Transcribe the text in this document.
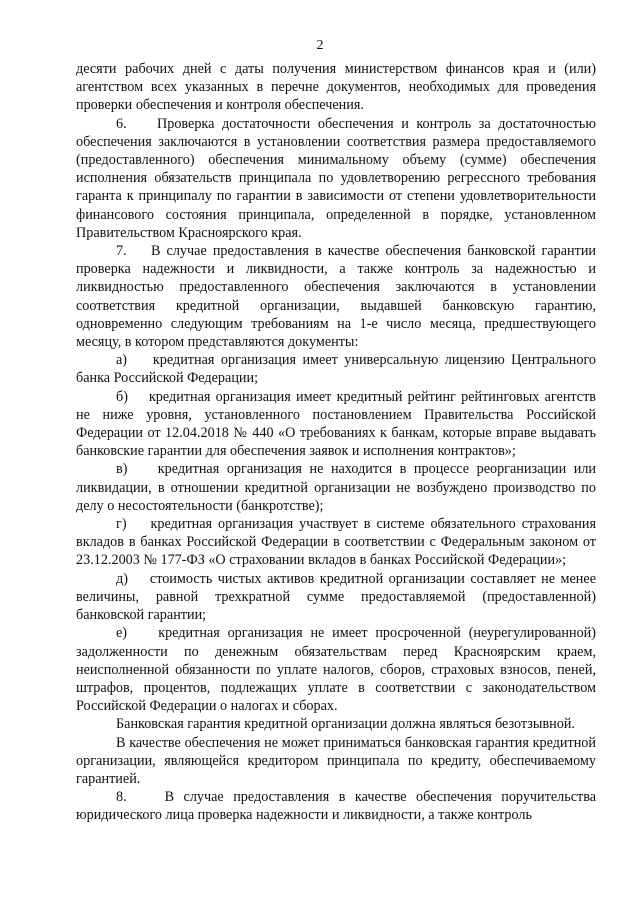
2

десяти рабочих дней с даты получения министерством финансов края и (или) агентством всех указанных в перечне документов, необходимых для проведения проверки обеспечения и контроля обеспечения.

6.    Проверка достаточности обеспечения и контроль за достаточностью обеспечения заключаются в установлении соответствия размера предоставляемого (предоставленного) обеспечения минимальному объему (сумме) обеспечения исполнения обязательств принципала по удовлетворению регрессного требования гаранта к принципалу по гарантии в зависимости от степени удовлетворительности финансового состояния принципала, определенной в порядке, установленном Правительством Красноярского края.

7.    В случае предоставления в качестве обеспечения банковской гарантии проверка надежности и ликвидности, а также контроль за надежностью и ликвидностью предоставленного обеспечения заключаются в установлении соответствия кредитной организации, выдавшей банковскую гарантию, одновременно следующим требованиям на 1-е число месяца, предшествующего месяцу, в котором представляются документы:

а)    кредитная организация имеет универсальную лицензию Центрального банка Российской Федерации;

б)    кредитная организация имеет кредитный рейтинг рейтинговых агентств не ниже уровня, установленного постановлением Правительства Российской Федерации от 12.04.2018 № 440 «О требованиях к банкам, которые вправе выдавать банковские гарантии для обеспечения заявок и исполнения контрактов»;

в)    кредитная организация не находится в процессе реорганизации или ликвидации, в отношении кредитной организации не возбуждено производство по делу о несостоятельности (банкротстве);

г)    кредитная организация участвует в системе обязательного страхования вкладов в банках Российской Федерации в соответствии с Федеральным законом от 23.12.2003 № 177-ФЗ «О страховании вкладов в банках Российской Федерации»;

д)    стоимость чистых активов кредитной организации составляет не менее величины, равной трехкратной сумме предоставляемой (предоставленной) банковской гарантии;

е)    кредитная организация не имеет просроченной (неурегулированной) задолженности по денежным обязательствам перед Красноярским краем, неисполненной обязанности по уплате налогов, сборов, страховых взносов, пеней, штрафов, процентов, подлежащих уплате в соответствии с законодательством Российской Федерации о налогах и сборах.

Банковская гарантия кредитной организации должна являться безотзывной.

В качестве обеспечения не может приниматься банковская гарантия кредитной организации, являющейся кредитором принципала по кредиту, обеспечиваемому гарантией.

8.    В случае предоставления в качестве обеспечения поручительства юридического лица проверка надежности и ликвидности, а также контроль
